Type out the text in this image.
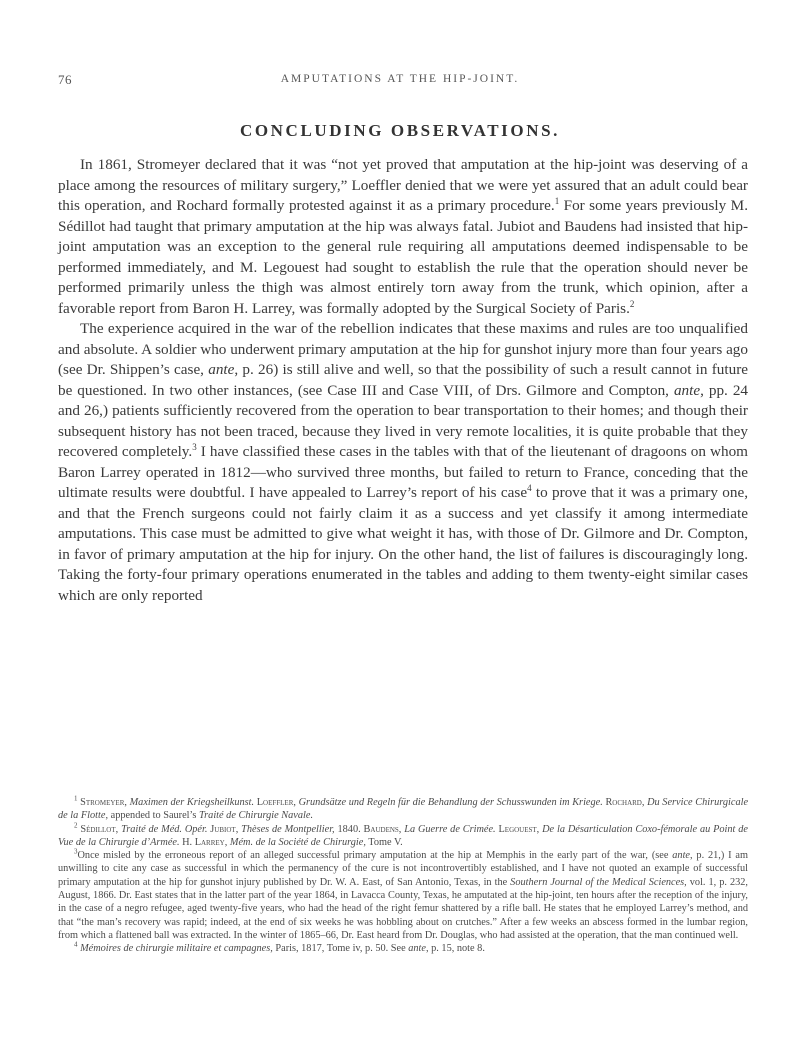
76	AMPUTATIONS AT THE HIP-JOINT.
CONCLUDING OBSERVATIONS.

In 1861, Stromeyer declared that it was “not yet proved that amputation at the hip-joint was deserving of a place among the resources of military surgery,” Loeffler denied that we were yet assured that an adult could bear this operation, and Rochard formally protested against it as a primary procedure.$^1$ For some years previously M. Sédillot had taught that primary amputation at the hip was always fatal. Jubiot and Baudens had insisted that hip-joint amputation was an exception to the general rule requiring all amputations deemed indispensable to be performed immediately, and M. Legouest had sought to establish the rule that the operation should never be performed primarily unless the thigh was almost entirely torn away from the trunk, which opinion, after a favorable report from Baron H. Larrey, was formally adopted by the Surgical Society of Paris.$^2$

The experience acquired in the war of the rebellion indicates that these maxims and rules are too unqualified and absolute. A soldier who underwent primary amputation at the hip for gunshot injury more than four years ago (see Dr. Shippen’s case, ante, p. 26) is still alive and well, so that the possibility of such a result cannot in future be questioned. In two other instances, (see Case III and Case VIII, of Drs. Gilmore and Compton, ante, pp. 24 and 26,) patients sufficiently recovered from the operation to bear transportation to their homes; and though their subsequent history has not been traced, because they lived in very remote localities, it is quite probable that they recovered completely.$^3$ I have classified these cases in the tables with that of the lieutenant of dragoons on whom Baron Larrey operated in 1812—who survived three months, but failed to return to France, conceding that the ultimate results were doubtful. I have appealed to Larrey’s report of his case$^4$ to prove that it was a primary one, and that the French surgeons could not fairly claim it as a success and yet classify it among intermediate amputations. This case must be admitted to give what weight it has, with those of Dr. Gilmore and Dr. Compton, in favor of primary amputation at the hip for injury. On the other hand, the list of failures is discouragingly long. Taking the forty-four primary operations enumerated in the tables and adding to them twenty-eight similar cases which are only reported

$^1$ Stromeyer, Maximen der Kriegsheilkunst. Loeffler, Grundsätze und Regeln für die Behandlung der Schusswunden im Kriege. Rochard, Du Service Chirurgicale de la Flotte, appended to Saurel’s Traité de Chirurgie Navale.

$^2$ Sédillot, Traité de Méd. Opér. Jubiot, Thèses de Montpellier, 1840. Baudens, La Guerre de Crimée. Legouest, De la Désarticulation Coxo-fémorale au Point de Vue de la Chirurgie d’Armée. H. Larrey, Mém. de la Société de Chirurgie, Tome V.

$^3$Once misled by the erroneous report of an alleged successful primary amputation at the hip at Memphis in the early part of the war, (see ante, p. 21,) I am unwilling to cite any case as successful in which the permanency of the cure is not incontrovertibly established, and I have not quoted an example of successful primary amputation at the hip for gunshot injury published by Dr. W. A. East, of San Antonio, Texas, in the Southern Journal of the Medical Sciences, vol. 1, p. 232, August, 1866. Dr. East states that in the latter part of the year 1864, in Lavacca County, Texas, he amputated at the hip-joint, ten hours after the reception of the injury, in the case of a negro refugee, aged twenty-five years, who had the head of the right femur shattered by a rifle ball. He states that he employed Larrey’s method, and that “the man’s recovery was rapid; indeed, at the end of six weeks he was hobbling about on crutches.” After a few weeks an abscess formed in the lumbar region, from which a flattened ball was extracted. In the winter of 1865–66, Dr. East heard from Dr. Douglas, who had assisted at the operation, that the man continued well.

$^4$ Mémoires de chirurgie militaire et campagnes, Paris, 1817, Tome iv, p. 50. See ante, p. 15, note 8.
